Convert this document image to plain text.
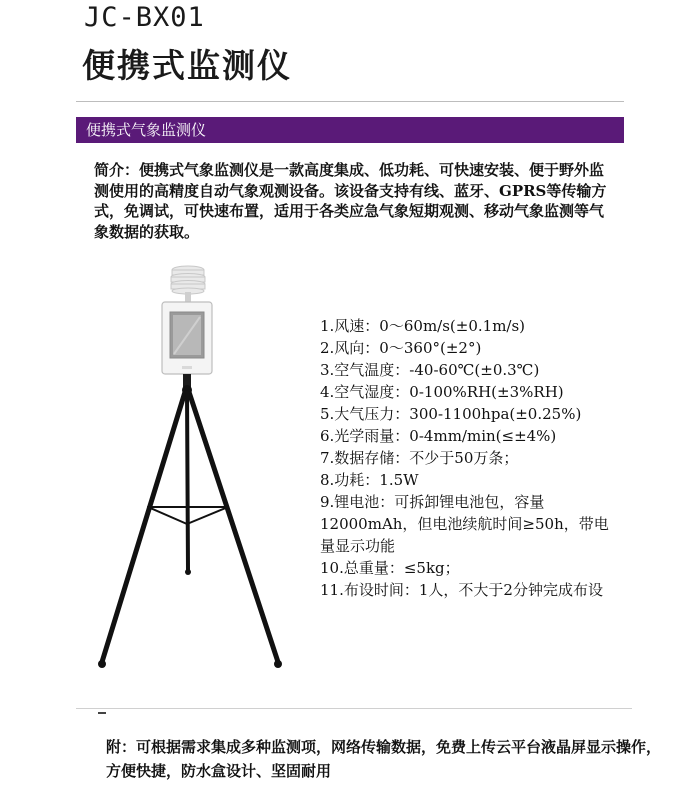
JC-BX01
便携式监测仪
便携式气象监测仪
简介：便携式气象监测仪是一款高度集成、低功耗、可快速安装、便于野外监测使用的高精度自动气象观测设备。该设备支持有线、蓝牙、GPRS等传输方式，免调试，可快速布置，适用于各类应急气象短期观测、移动气象监测等气象数据的获取。
1.风速：0～60m/s(±0.1m/s)
2.风向：0～360°(±2°)
3.空气温度：-40-60℃(±0.3℃)
4.空气湿度：0-100%RH(±3%RH)
5.大气压力：300-1100hpa(±0.25%)
6.光学雨量：0-4mm/min(≤±4%)
7.数据存储：不少于50万条；
8.功耗：1.5W
9.锂电池：可拆卸锂电池包，容量12000mAh，但电池续航时间≥50h，带电量显示功能
10.总重量：≤5kg；
11.布设时间：1人，不大于2分钟完成布设
附：可根据需求集成多种监测项，网络传输数据，免费上传云平台液晶屏显示操作，方便快捷，防水盒设计、坚固耐用
